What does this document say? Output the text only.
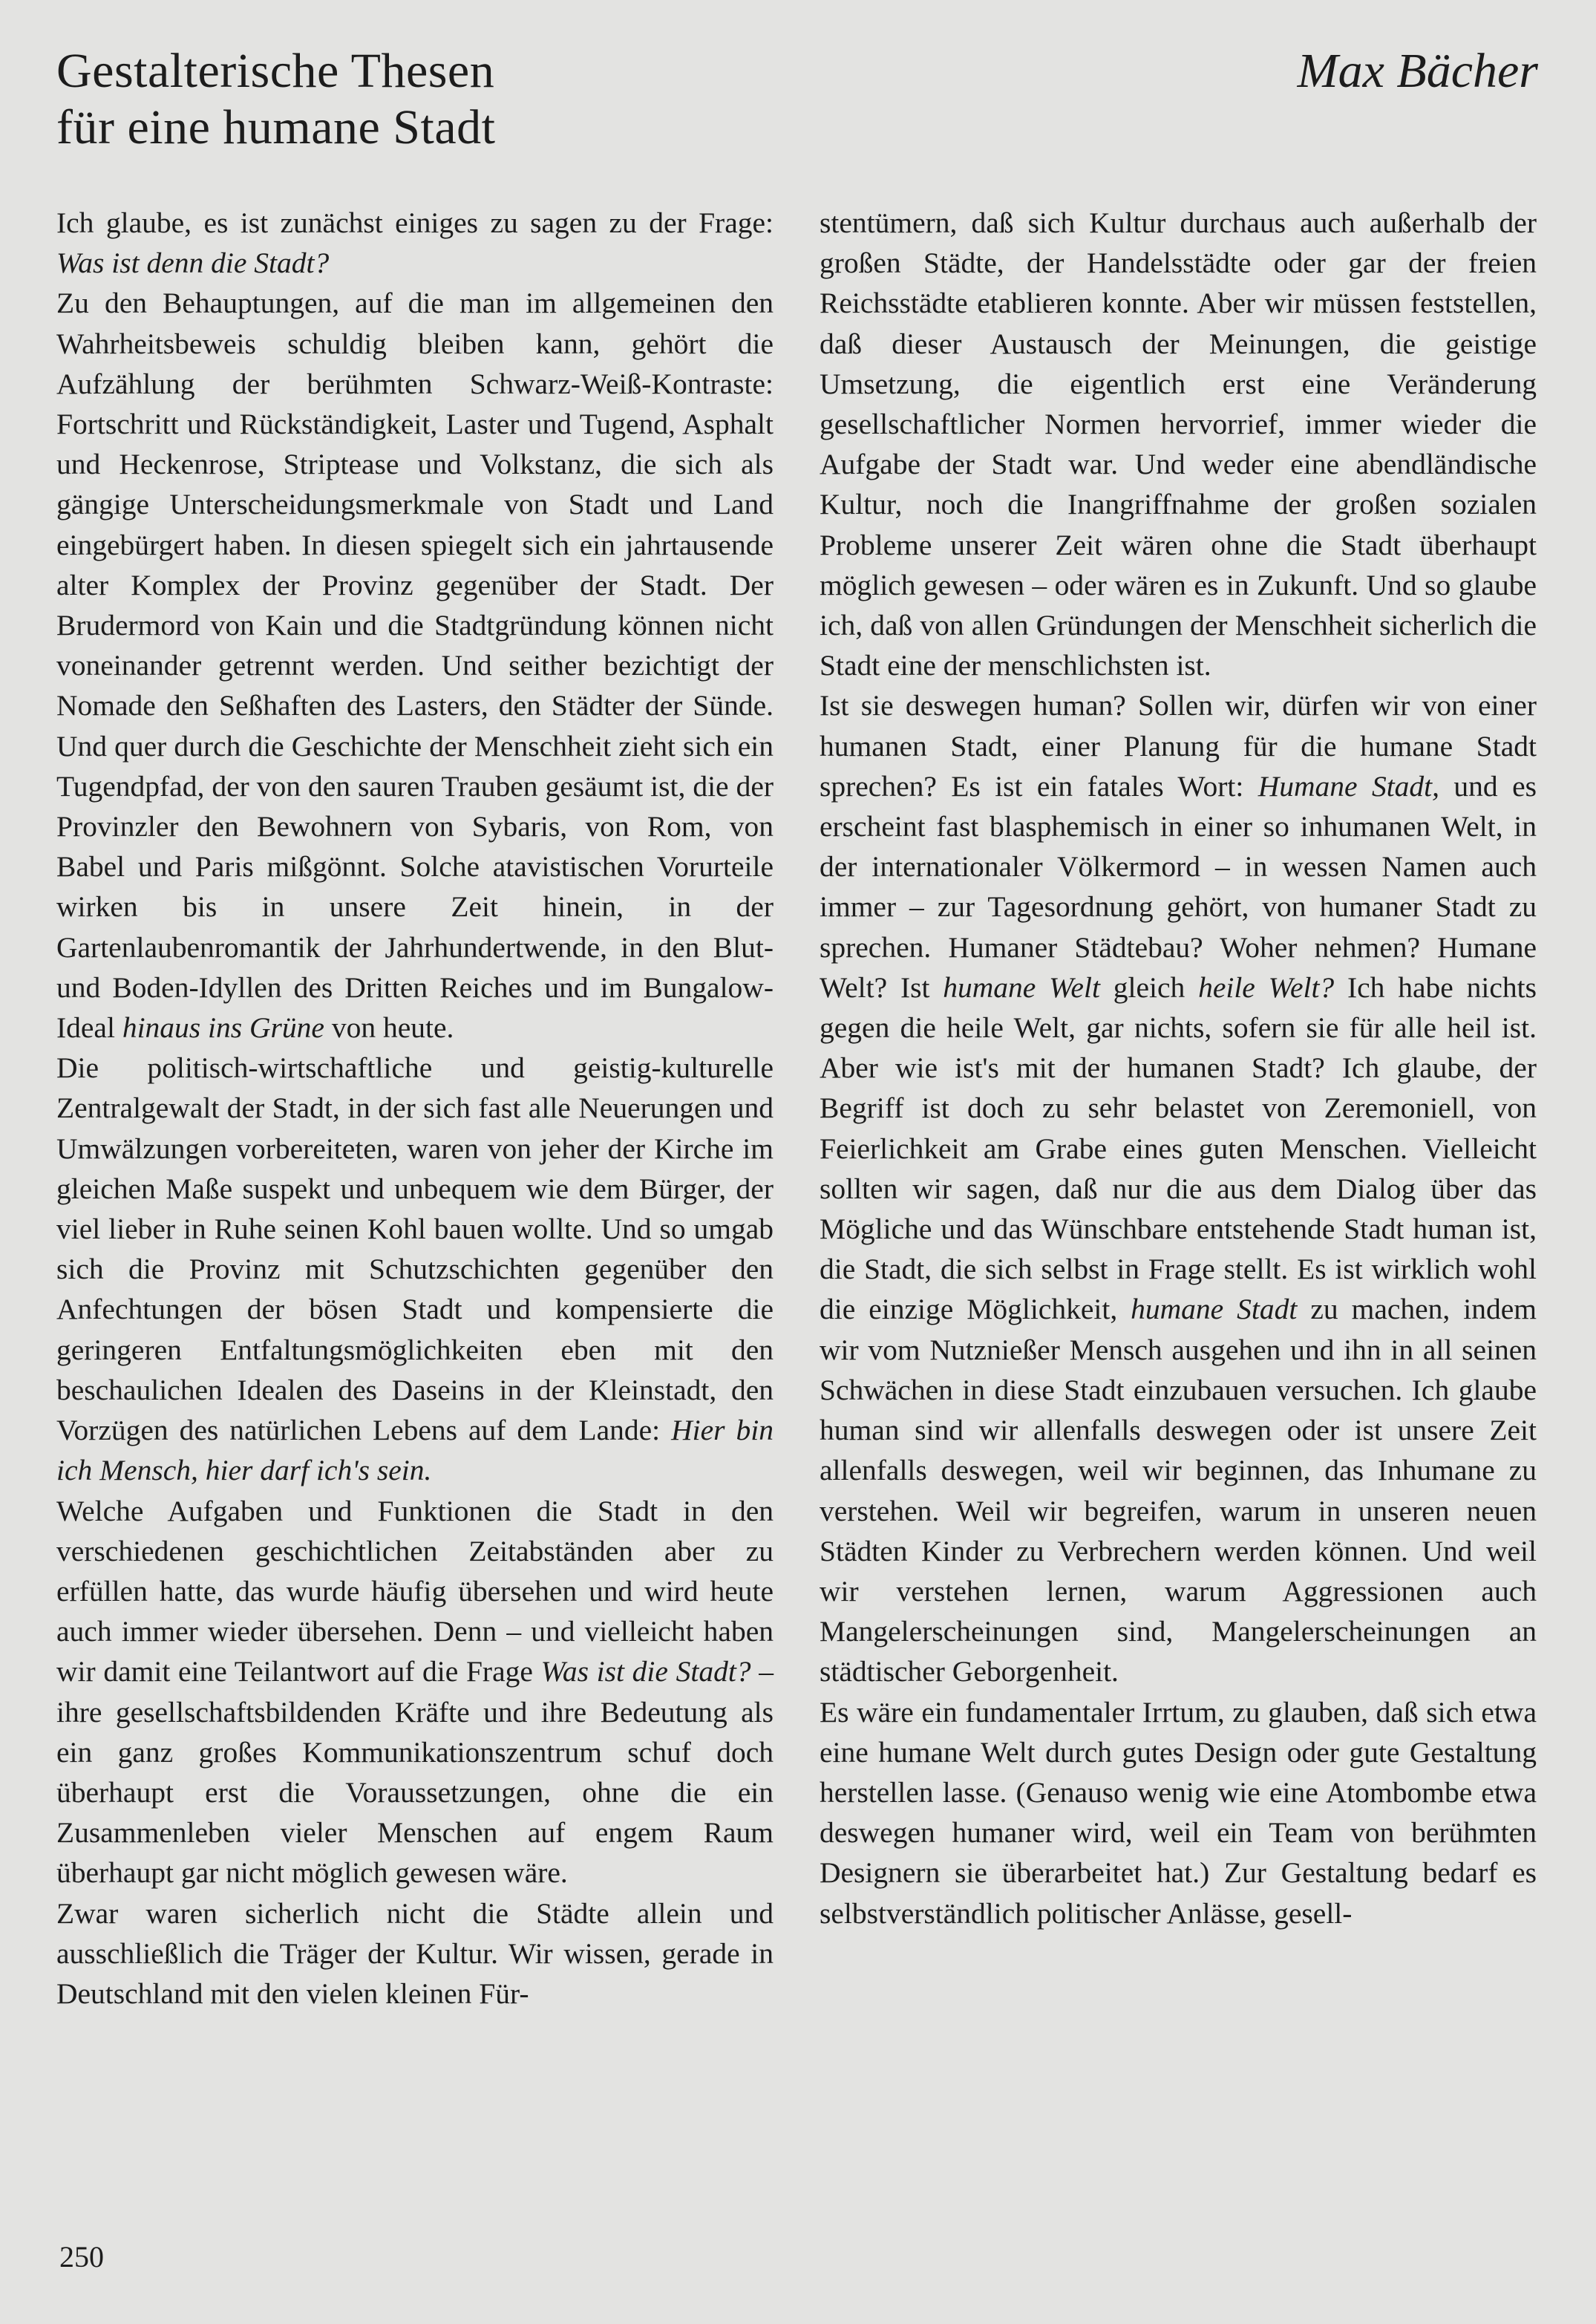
Gestalterische Thesen
für eine humane Stadt
Max Bächer

Ich glaube, es ist zunächst einiges zu sagen zu der Frage: Was ist denn die Stadt?

Zu den Behauptungen, auf die man im allgemeinen den Wahrheitsbeweis schuldig bleiben kann, gehört die Aufzählung der berühmten Schwarz-Weiß-Kontraste: Fortschritt und Rückständigkeit, Laster und Tugend, Asphalt und Heckenrose, Striptease und Volkstanz, die sich als gängige Unterscheidungsmerkmale von Stadt und Land eingebürgert haben. In diesen spiegelt sich ein jahrtausende alter Komplex der Provinz gegenüber der Stadt. Der Brudermord von Kain und die Stadtgründung können nicht voneinander getrennt werden. Und seither bezichtigt der Nomade den Seßhaften des Lasters, den Städter der Sünde. Und quer durch die Geschichte der Menschheit zieht sich ein Tugendpfad, der von den sauren Trauben gesäumt ist, die der Provinzler den Bewohnern von Sybaris, von Rom, von Babel und Paris mißgönnt. Solche atavistischen Vorurteile wirken bis in unsere Zeit hinein, in der Gartenlaubenromantik der Jahrhundertwende, in den Blut- und Boden-Idyllen des Dritten Reiches und im Bungalow-Ideal hinaus ins Grüne von heute.

Die politisch-wirtschaftliche und geistig-kulturelle Zentralgewalt der Stadt, in der sich fast alle Neuerungen und Umwälzungen vorbereiteten, waren von jeher der Kirche im gleichen Maße suspekt und unbequem wie dem Bürger, der viel lieber in Ruhe seinen Kohl bauen wollte. Und so umgab sich die Provinz mit Schutzschichten gegenüber den Anfechtungen der bösen Stadt und kompensierte die geringeren Entfaltungsmöglichkeiten eben mit den beschaulichen Idealen des Daseins in der Kleinstadt, den Vorzügen des natürlichen Lebens auf dem Lande: Hier bin ich Mensch, hier darf ich's sein.

Welche Aufgaben und Funktionen die Stadt in den verschiedenen geschichtlichen Zeitabständen aber zu erfüllen hatte, das wurde häufig übersehen und wird heute auch immer wieder übersehen. Denn – und vielleicht haben wir damit eine Teilantwort auf die Frage Was ist die Stadt? – ihre gesellschaftsbildenden Kräfte und ihre Bedeutung als ein ganz großes Kommunikationszentrum schuf doch überhaupt erst die Voraussetzungen, ohne die ein Zusammenleben vieler Menschen auf engem Raum überhaupt gar nicht möglich gewesen wäre.

Zwar waren sicherlich nicht die Städte allein und ausschließlich die Träger der Kultur. Wir wissen, gerade in Deutschland mit den vielen kleinen Für-

stentümern, daß sich Kultur durchaus auch außerhalb der großen Städte, der Handelsstädte oder gar der freien Reichsstädte etablieren konnte. Aber wir müssen feststellen, daß dieser Austausch der Meinungen, die geistige Umsetzung, die eigentlich erst eine Veränderung gesellschaftlicher Normen hervorrief, immer wieder die Aufgabe der Stadt war. Und weder eine abendländische Kultur, noch die Inangriffnahme der großen sozialen Probleme unserer Zeit wären ohne die Stadt überhaupt möglich gewesen – oder wären es in Zukunft. Und so glaube ich, daß von allen Gründungen der Menschheit sicherlich die Stadt eine der menschlichsten ist.

Ist sie deswegen human? Sollen wir, dürfen wir von einer humanen Stadt, einer Planung für die humane Stadt sprechen? Es ist ein fatales Wort: Humane Stadt, und es erscheint fast blasphemisch in einer so inhumanen Welt, in der internationaler Völkermord – in wessen Namen auch immer – zur Tagesordnung gehört, von humaner Stadt zu sprechen. Humaner Städtebau? Woher nehmen? Humane Welt? Ist humane Welt gleich heile Welt? Ich habe nichts gegen die heile Welt, gar nichts, sofern sie für alle heil ist. Aber wie ist's mit der humanen Stadt? Ich glaube, der Begriff ist doch zu sehr belastet von Zeremoniell, von Feierlichkeit am Grabe eines guten Menschen. Vielleicht sollten wir sagen, daß nur die aus dem Dialog über das Mögliche und das Wünschbare entstehende Stadt human ist, die Stadt, die sich selbst in Frage stellt. Es ist wirklich wohl die einzige Möglichkeit, humane Stadt zu machen, indem wir vom Nutznießer Mensch ausgehen und ihn in all seinen Schwächen in diese Stadt einzubauen versuchen. Ich glaube human sind wir allenfalls deswegen oder ist unsere Zeit allenfalls deswegen, weil wir beginnen, das Inhumane zu verstehen. Weil wir begreifen, warum in unseren neuen Städten Kinder zu Verbrechern werden können. Und weil wir verstehen lernen, warum Aggressionen auch Mangelerscheinungen sind, Mangelerscheinungen an städtischer Geborgenheit.

Es wäre ein fundamentaler Irrtum, zu glauben, daß sich etwa eine humane Welt durch gutes Design oder gute Gestaltung herstellen lasse. (Genauso wenig wie eine Atombombe etwa deswegen humaner wird, weil ein Team von berühmten Designern sie überarbeitet hat.) Zur Gestaltung bedarf es selbstverständlich politischer Anlässe, gesell-

250
